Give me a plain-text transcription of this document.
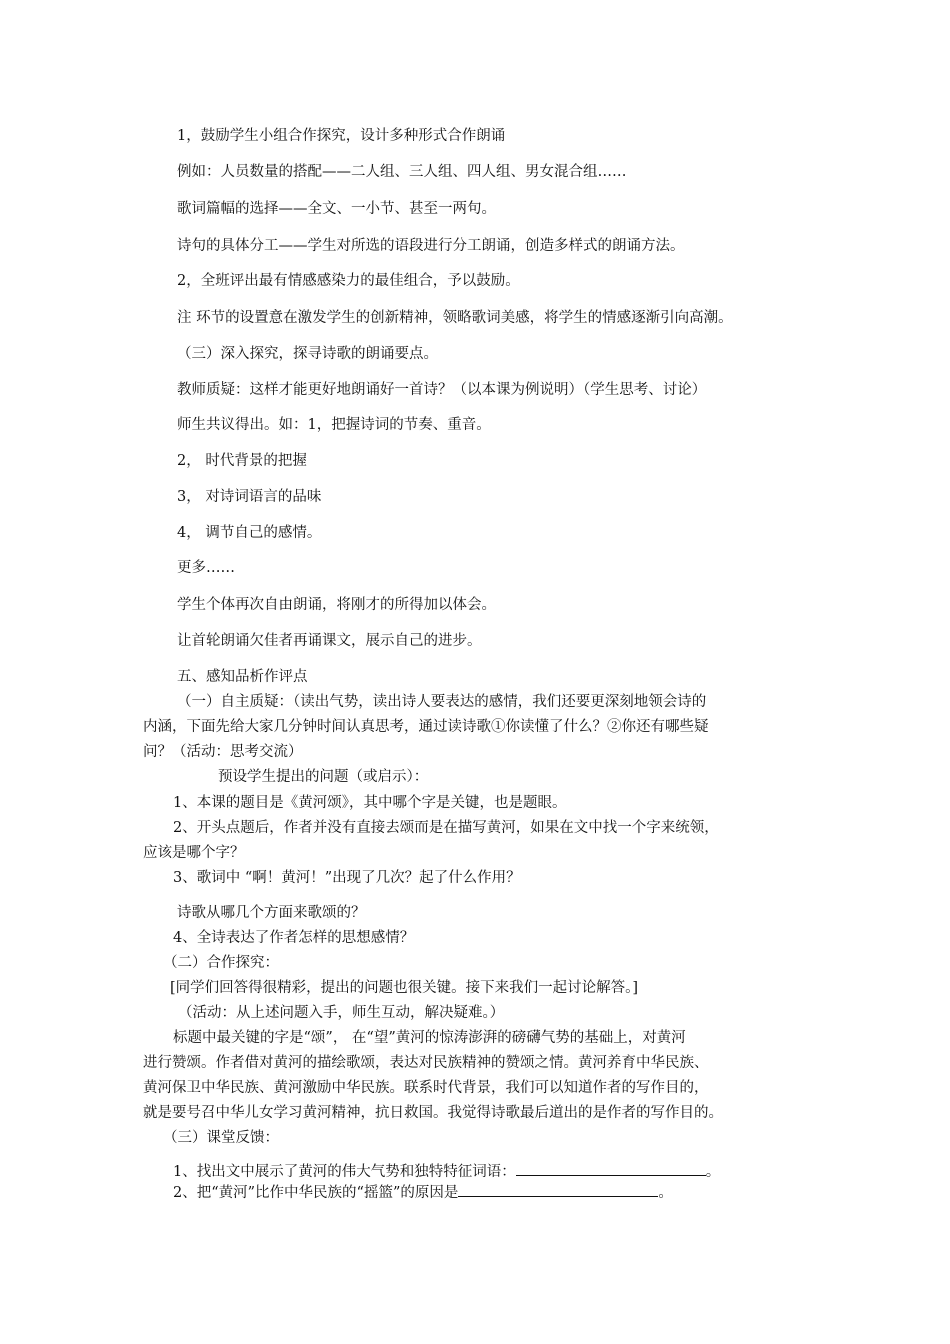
1，鼓励学生小组合作探究，设计多种形式合作朗诵

例如：人员数量的搭配——二人组、三人组、四人组、男女混合组……

歌词篇幅的选择——全文、一小节、甚至一两句。

诗句的具体分工——学生对所选的语段进行分工朗诵，创造多样式的朗诵方法。

2，全班评出最有情感感染力的最佳组合，予以鼓励。

注 环节的设置意在激发学生的创新精神，领略歌词美感，将学生的情感逐渐引向高潮。

（三）深入探究，探寻诗歌的朗诵要点。

教师质疑：这样才能更好地朗诵好一首诗？（以本课为例说明）（学生思考、讨论）

师生共议得出。如：1，把握诗词的节奏、重音。

2， 时代背景的把握

3， 对诗词语言的品味

4， 调节自己的感情。

更多……

学生个体再次自由朗诵，将刚才的所得加以体会。

让首轮朗诵欠佳者再诵课文，展示自己的进步。

五、感知品析作评点

（一）自主质疑：（读出气势，读出诗人要表达的感情，我们还要更深刻地领会诗的

内涵，下面先给大家几分钟时间认真思考，通过读诗歌①你读懂了什么？②你还有哪些疑

问？（活动：思考交流）

预设学生提出的问题（或启示）：

1、本课的题目是《黄河颂》，其中哪个字是关键，也是题眼。

2、开头点题后，作者并没有直接去颂而是在描写黄河，如果在文中找一个字来统领，

应该是哪个字？

3、歌词中 “啊！黄河！”出现了几次？起了什么作用？

诗歌从哪几个方面来歌颂的？

4、全诗表达了作者怎样的思想感情？

（二）合作探究：

[同学们回答得很精彩，提出的问题也很关键。接下来我们一起讨论解答。]

（活动：从上述问题入手，师生互动，解决疑难。）

标题中最关键的字是“颂”， 在“望”黄河的惊涛澎湃的磅礴气势的基础上，对黄河

进行赞颂。作者借对黄河的描绘歌颂，表达对民族精神的赞颂之情。黄河养育中华民族、

黄河保卫中华民族、黄河激励中华民族。联系时代背景，我们可以知道作者的写作目的，

就是要号召中华儿女学习黄河精神，抗日救国。我觉得诗歌最后道出的是作者的写作目的。

（三）课堂反馈：

1、找出文中展示了黄河的伟大气势和独特特征词语：	。

2、把“黄河”比作中华民族的“摇篮”的原因是	。
